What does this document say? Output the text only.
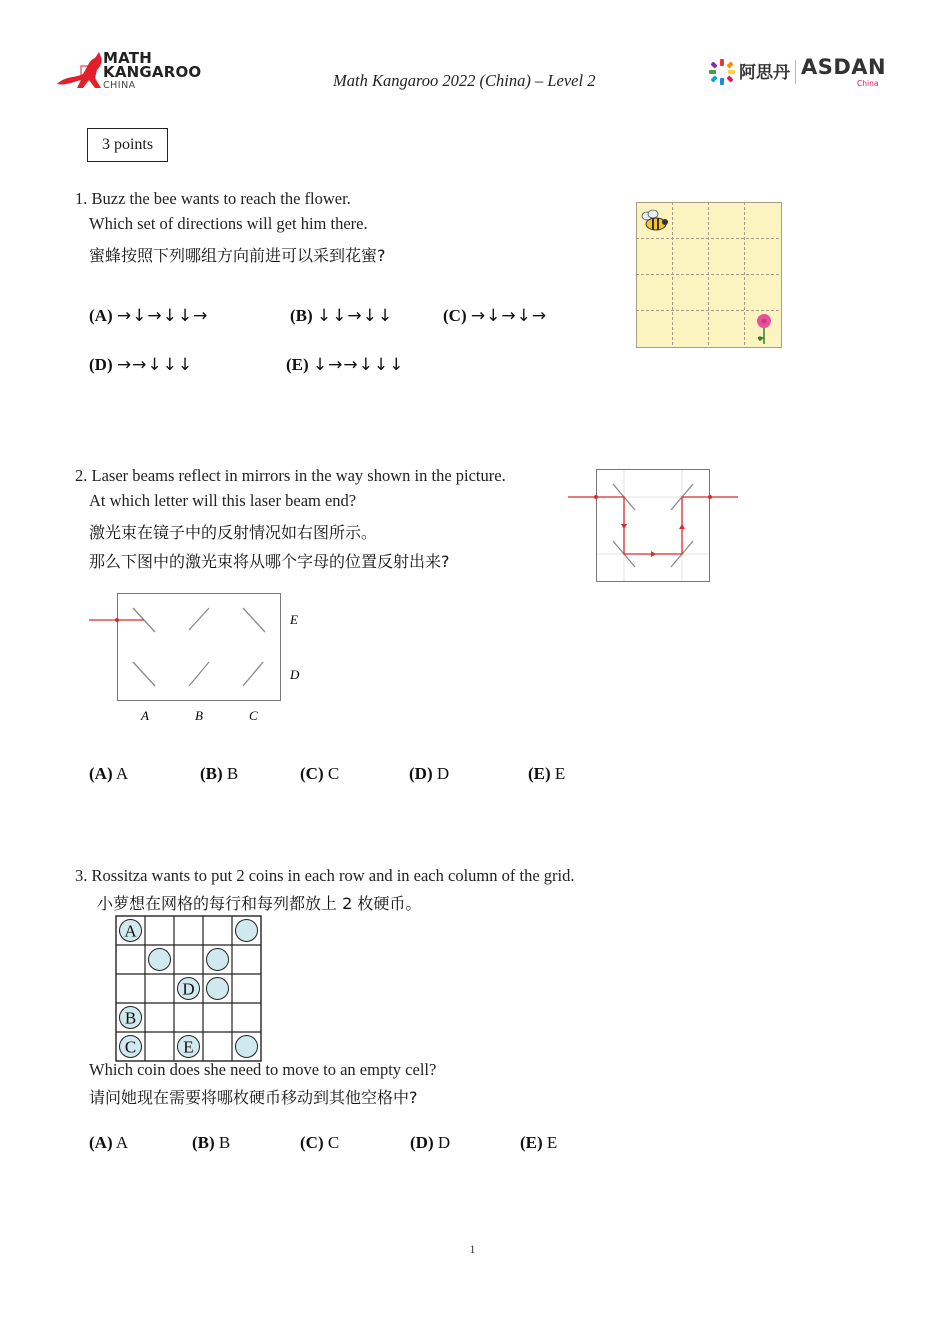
MATH
KANGAROO
CHINA	Math Kangaroo 2022 (China) – Level 2	阿思丹 ASDAN
China
3 points
1. Buzz the bee wants to reach the flower.
Which set of directions will get him there.
蜜蜂按照下列哪组方向前进可以采到花蜜?
(A) →↓→↓↓→	(B) ↓↓→↓↓	(C) →↓→↓→
(D) →→↓↓↓	(E) ↓→→↓↓↓
2. Laser beams reflect in mirrors in the way shown in the picture.
At which letter will this laser beam end?
激光束在镜子中的反射情况如右图所示。
那么下图中的激光束将从哪个字母的位置反射出来?
E
D
A	B	C
(A) A	(B) B	(C) C	(D) D	(E) E
3. Rossitza wants to put 2 coins in each row and in each column of the grid.
小萝想在网格的每行和每列都放上 2 枚硬币。
A
D
B
C	E
Which coin does she need to move to an empty cell?
请问她现在需要将哪枚硬币移动到其他空格中?
(A) A	(B) B	(C) C	(D) D	(E) E
1
